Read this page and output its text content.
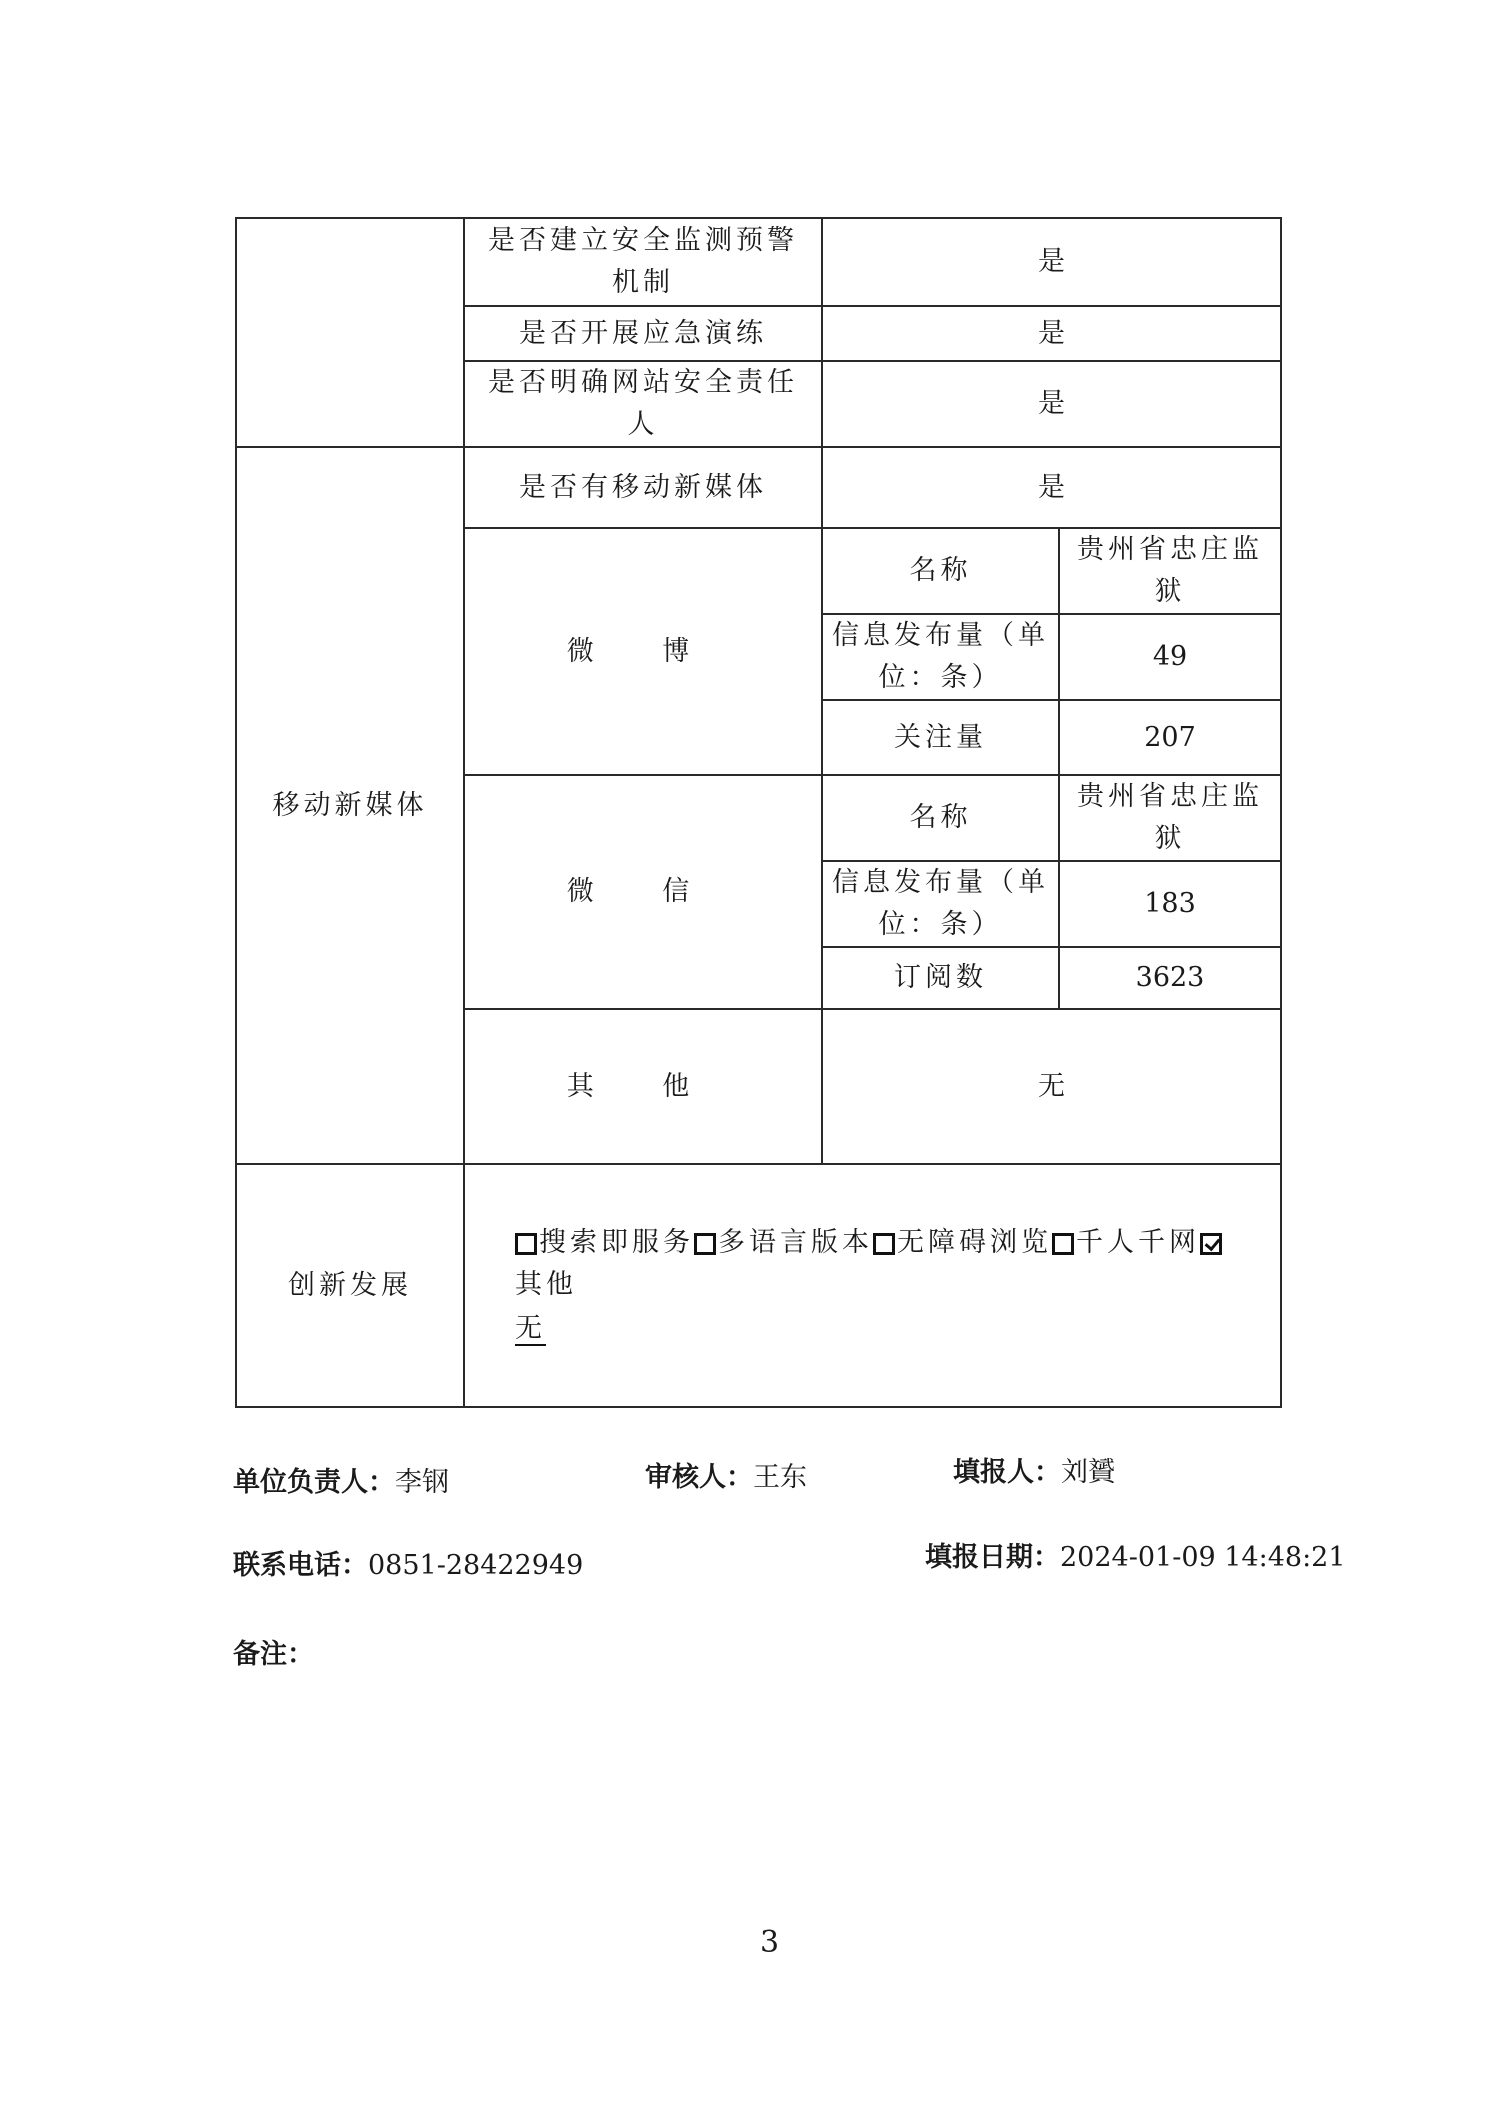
	是否建立安全监测预警机制	是	
	是否开展应急演练	是	
	是否明确网站安全责任人	是	
移动新媒体	是否有移动新媒体	是	
	微 博	名称	贵州省忠庄监狱
		信息发布量（单位：条）	49
		关注量	207
	微 信	名称	贵州省忠庄监狱
		信息发布量（单位：条）	183
		订阅数	3623
	其 他	无	
创新发展	搜索即服务 多语言版本 无障碍浏览 千人千网其他
无		
单位负责人：李钢	审核人：王东	填报人：刘贇
联系电话：0851-28422949	填报日期：2024-01-09 14:48:21
备注：
3
